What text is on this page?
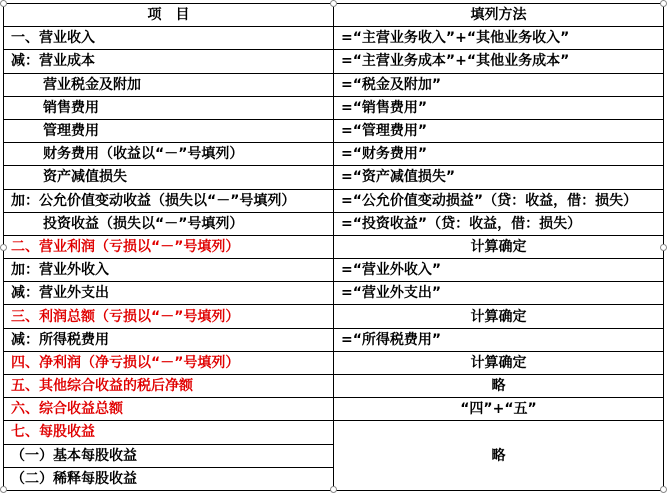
项　目	填列方法
一、营业收入	=“主营业务收入”+“其他业务收入”
减：营业成本	=“主营业务成本”+“其他业务成本”
营业税金及附加	=“税金及附加”
销售费用	=“销售费用”
管理费用	=“管理费用”
财务费用（收益以“－”号填列）	=“财务费用”
资产减值损失	=“资产减值损失”
加：公允价值变动收益（损失以“－”号填列）	=“公允价值变动损益”（贷：收益，借：损失）
投资收益（损失以“－”号填列）	=“投资收益”（贷：收益，借：损失）
二、营业利润（亏损以“－”号填列）	计算确定
加：营业外收入	=“营业外收入”
减：营业外支出	=“营业外支出”
三、利润总额（亏损以“－”号填列）	计算确定
减：所得税费用	=“所得税费用”
四、净利润（净亏损以“－”号填列）	计算确定
五、其他综合收益的税后净额	略
六、综合收益总额	“四”+“五”
七、每股收益	略
（一）基本每股收益	
（二）稀释每股收益	
